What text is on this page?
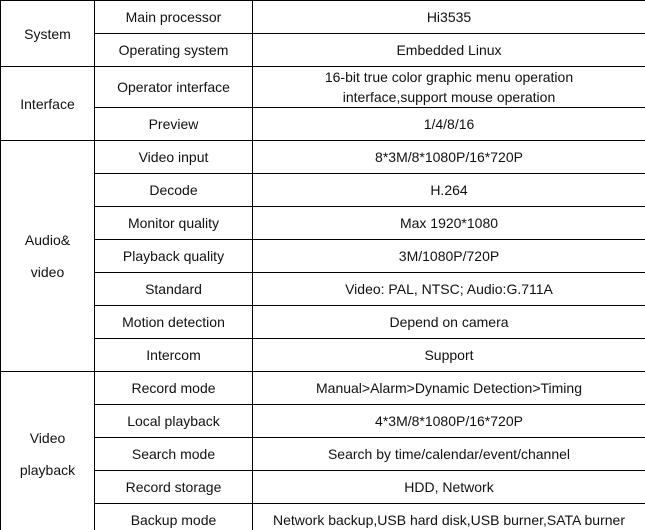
System	Main processor	Hi3535

	Operating system	Embedded Linux

Interface	Operator interface	16-bit true color graphic menu operation
interface,support mouse operation

	Preview	1/4/8/16

Audio&
video	Video input	8*3M/8*1080P/16*720P

	Decode	H.264

	Monitor quality	Max 1920*1080

	Playback quality	3M/1080P/720P

	Standard	Video: PAL, NTSC; Audio:G.711A

	Motion detection	Depend on camera

	Intercom	Support

Video
playback	Record mode	Manual>Alarm>Dynamic Detection>Timing

	Local playback	4*3M/8*1080P/16*720P

	Search mode	Search by time/calendar/event/channel

	Record storage	HDD, Network

	Backup mode	Network backup,USB hard disk,USB burner,SATA burner
